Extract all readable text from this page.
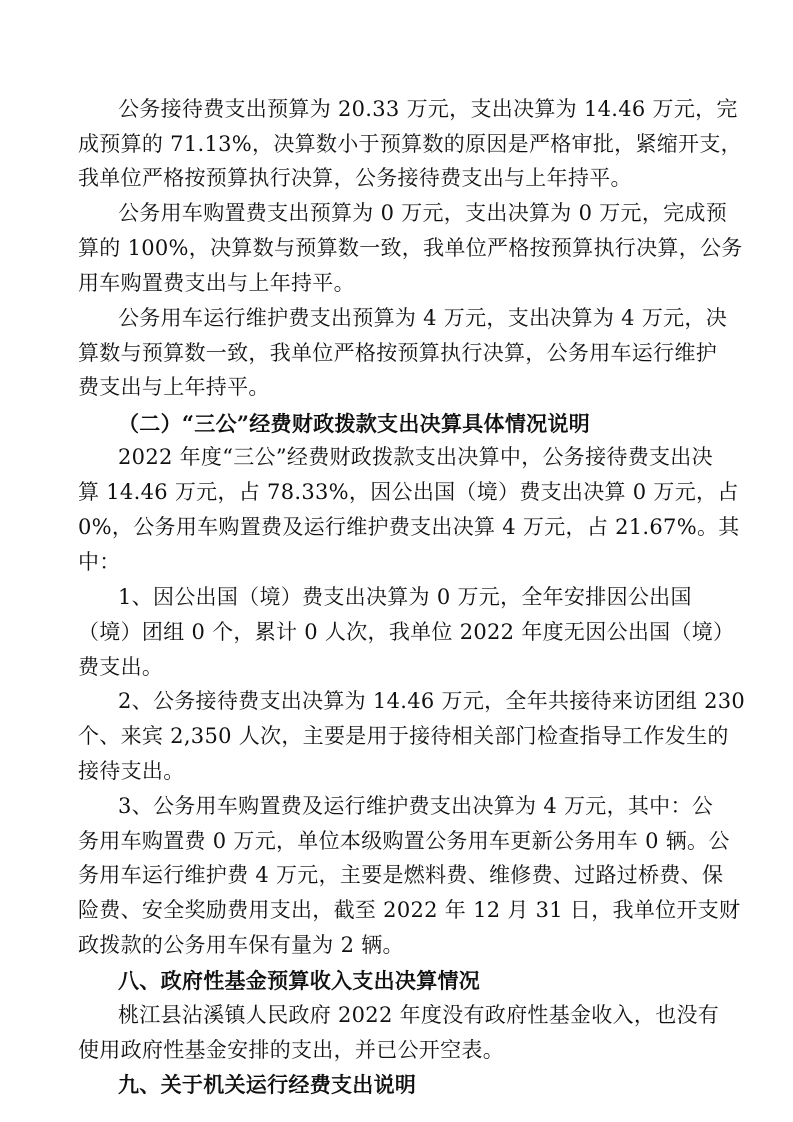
公务接待费支出预算为 20.33 万元，支出决算为 14.46 万元，完
成预算的 71.13%，决算数小于预算数的原因是严格审批，紧缩开支，
我单位严格按预算执行决算，公务接待费支出与上年持平。
公务用车购置费支出预算为 0 万元，支出决算为 0 万元，完成预
算的 100%，决算数与预算数一致，我单位严格按预算执行决算，公务
用车购置费支出与上年持平。
公务用车运行维护费支出预算为 4 万元，支出决算为 4 万元，决
算数与预算数一致，我单位严格按预算执行决算，公务用车运行维护
费支出与上年持平。
（二）“三公”经费财政拨款支出决算具体情况说明
2022 年度“三公”经费财政拨款支出决算中，公务接待费支出决
算 14.46 万元，占 78.33%，因公出国（境）费支出决算 0 万元，占
0%，公务用车购置费及运行维护费支出决算 4 万元，占 21.67%。其
中：
1、因公出国（境）费支出决算为 0 万元，全年安排因公出国
（境）团组 0 个，累计 0 人次，我单位 2022 年度无因公出国（境）
费支出。
2、公务接待费支出决算为 14.46 万元，全年共接待来访团组 230
个、来宾 2,350 人次，主要是用于接待相关部门检查指导工作发生的
接待支出。
3、公务用车购置费及运行维护费支出决算为 4 万元，其中：公
务用车购置费 0 万元，单位本级购置公务用车更新公务用车 0 辆。公
务用车运行维护费 4 万元，主要是燃料费、维修费、过路过桥费、保
险费、安全奖励费用支出，截至 2022 年 12 月 31 日，我单位开支财
政拨款的公务用车保有量为 2 辆。
八、政府性基金预算收入支出决算情况
桃江县沾溪镇人民政府 2022 年度没有政府性基金收入，也没有
使用政府性基金安排的支出，并已公开空表。
九、关于机关运行经费支出说明
